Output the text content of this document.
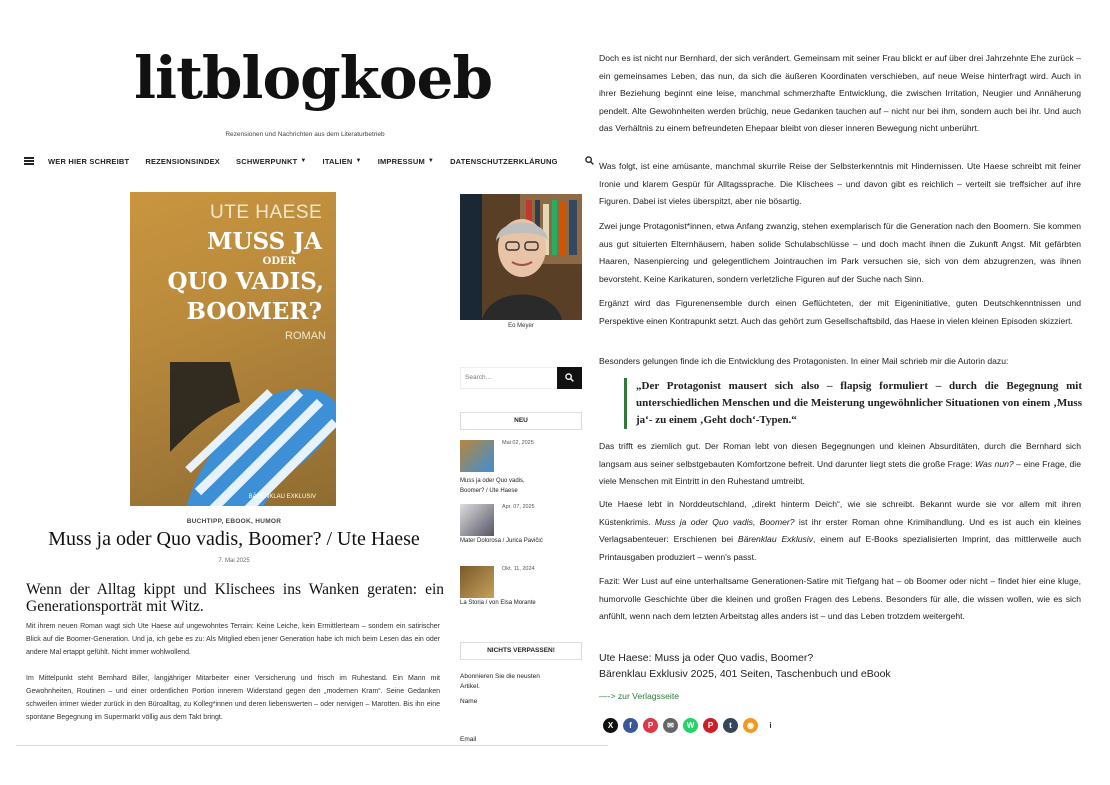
litblogkoeb
Rezensionen und Nachrichten aus dem Literaturbetrieb
WER HIER SCHREIBT REZENSIONSINDEX SCHWERPUNKT ▼ ITALIEN ▼ IMPRESSUM ▼ DATENSCHUTZERKLÄRUNG
UTE HAESE
MUSS JA
ODER
QUO VADIS,
BOOMER?
ROMAN
BÄRENKLAU EXKLUSIV
BUCHTIPP, EBOOK, HUMOR
Muss ja oder Quo vadis, Boomer? / Ute Haese
7. Mai 2025
Wenn der Alltag kippt und Klischees ins Wanken geraten: ein Generationsporträt mit Witz.
Mit ihrem neuen Roman wagt sich Ute Haese auf ungewohntes Terrain: Keine Leiche, kein Ermittlerteam – sondern ein satirischer Blick auf die Boomer-Generation. Und ja, ich gebe es zu: Als Mitglied eben jener Generation habe ich mich beim Lesen das ein oder andere Mal ertappt gefühlt. Nicht immer wohlwollend.
Im Mittelpunkt steht Bernhard Biller, langjähriger Mitarbeiter einer Versicherung und frisch im Ruhestand. Ein Mann mit Gewohnheiten, Routinen – und einer ordentlichen Portion innerem Widerstand gegen den „modernen Kram“. Seine Gedanken schweifen immer wieder zurück in den Büroalltag, zu Kolleg*innen und deren liebenswerten – oder nervigen – Marotten. Bis ihn eine spontane Begegnung im Supermarkt völlig aus dem Takt bringt.
Eo Meyer
Search...
NEU
Mai 02, 2025
Muss ja oder Quo vadis, Boomer? / Ute Haese
Apr. 07, 2025
Mater Dolorosa / Jurica Pavičić
Okt. 11, 2024
La Storia / von Elsa Morante
NICHTS VERPASSEN!
Abonnieren Sie die neusten Artikel.
Name
Email
Doch es ist nicht nur Bernhard, der sich verändert. Gemeinsam mit seiner Frau blickt er auf über drei Jahrzehnte Ehe zurück – ein gemeinsames Leben, das nun, da sich die äußeren Koordinaten verschieben, auf neue Weise hinterfragt wird. Auch in ihrer Beziehung beginnt eine leise, manchmal schmerzhafte Entwicklung, die zwischen Irritation, Neugier und Annäherung pendelt. Alte Gewohnheiten werden brüchig, neue Gedanken tauchen auf – nicht nur bei ihm, sondern auch bei ihr. Und auch das Verhältnis zu einem befreundeten Ehepaar bleibt von dieser inneren Bewegung nicht unberührt.
Was folgt, ist eine amüsante, manchmal skurrile Reise der Selbsterkenntnis mit Hindernissen. Ute Haese schreibt mit feiner Ironie und klarem Gespür für Alltagssprache. Die Klischees – und davon gibt es reichlich – verteilt sie treffsicher auf ihre Figuren. Dabei ist vieles überspitzt, aber nie bösartig.
Zwei junge Protagonist*innen, etwa Anfang zwanzig, stehen exemplarisch für die Generation nach den Boomern. Sie kommen aus gut situierten Elternhäusern, haben solide Schulabschlüsse – und doch macht ihnen die Zukunft Angst. Mit gefärbten Haaren, Nasenpiercing und gelegentlichem Jointrauchen im Park versuchen sie, sich von dem abzugrenzen, was ihnen bevorsteht. Keine Karikaturen, sondern verletzliche Figuren auf der Suche nach Sinn.
Ergänzt wird das Figurenensemble durch einen Geflüchteten, der mit Eigeninitiative, guten Deutschkenntnissen und Perspektive einen Kontrapunkt setzt. Auch das gehört zum Gesellschaftsbild, das Haese in vielen kleinen Episoden skizziert.
Besonders gelungen finde ich die Entwicklung des Protagonisten. In einer Mail schrieb mir die Autorin dazu:
„Der Protagonist mausert sich also – flapsig formuliert – durch die Begegnung mit unterschiedlichen Menschen und die Meisterung ungewöhnlicher Situationen von einem ‚Muss ja‘- zu einem ‚Geht doch‘-Typen.“
Das trifft es ziemlich gut. Der Roman lebt von diesen Begegnungen und kleinen Absurditäten, durch die Bernhard sich langsam aus seiner selbstgebauten Komfortzone befreit. Und darunter liegt stets die große Frage: Was nun? – eine Frage, die viele Menschen mit Eintritt in den Ruhestand umtreibt.
Ute Haese lebt in Norddeutschland, „direkt hinterm Deich“, wie sie schreibt. Bekannt wurde sie vor allem mit ihren Küstenkrimis. Muss ja oder Quo vadis, Boomer? ist ihr erster Roman ohne Krimihandlung. Und es ist auch ein kleines Verlagsabenteuer: Erschienen bei Bärenklau Exklusiv, einem auf E-Books spezialisierten Imprint, das mittlerweile auch Printausgaben produziert – wenn's passt.
Fazit: Wer Lust auf eine unterhaltsame Generationen-Satire mit Tiefgang hat – ob Boomer oder nicht – findet hier eine kluge, humorvolle Geschichte über die kleinen und großen Fragen des Lebens. Besonders für alle, die wissen wollen, wie es sich anfühlt, wenn nach dem letzten Arbeitstag alles anders ist – und das Leben trotzdem weitergeht.
Ute Haese: Muss ja oder Quo vadis, Boomer?
Bärenklau Exklusiv 2025, 401 Seiten, Taschenbuch und eBook
—-> zur Verlagsseite
X	f	P	✉	W	P	t	◉	i
